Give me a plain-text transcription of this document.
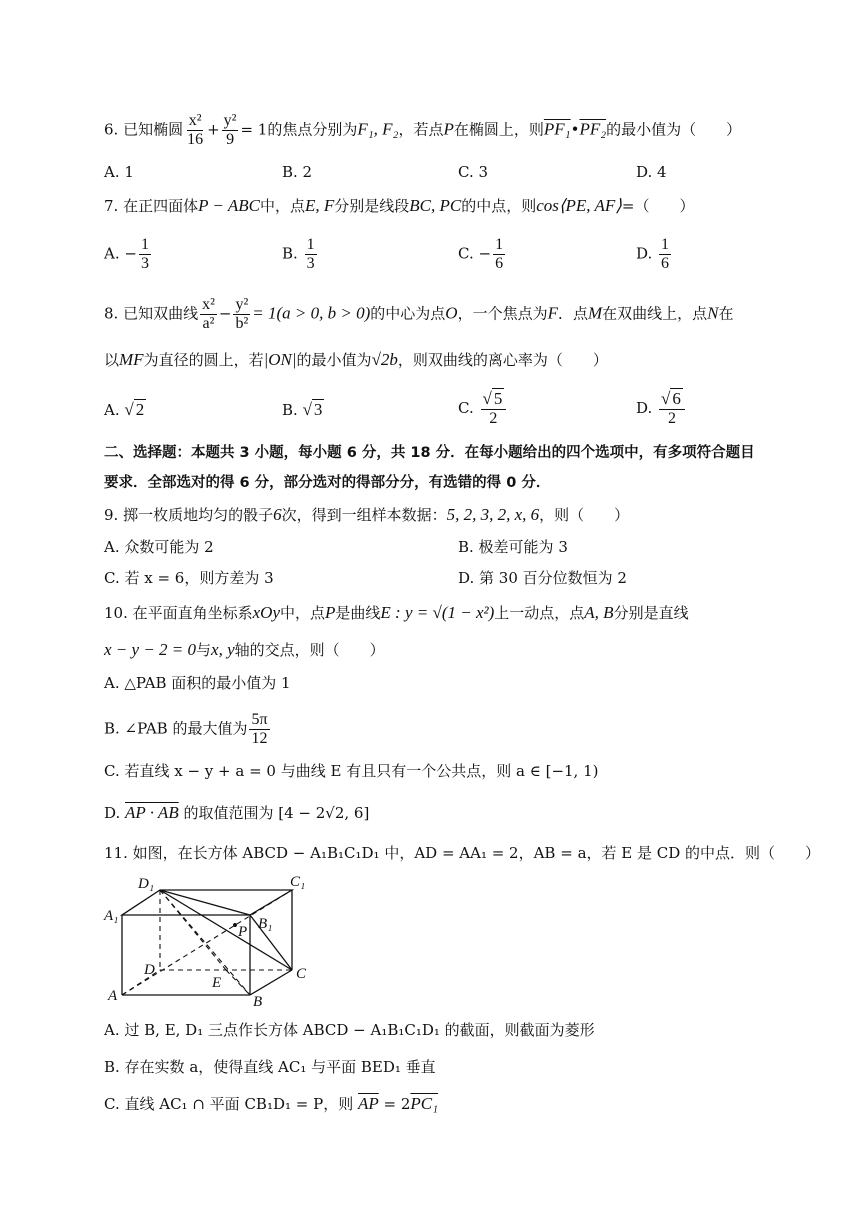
6. 已知椭圆 $\frac{\text{x²}}{16} + \frac{\text{y²}}{9} = 1$的焦点分别为F₁, F₂，若点P在椭圆上，则PF₁•PF₂的最小值为（　　）
A. 1	B. 2	C. 3	D. 4
7. 在正四面体P − ABC中，点E, F分别是线段BC, PC的中点，则cos⟨PE, AF⟩=（　　）
A. − $\frac{1}{3}$	B. $\frac{1}{3}$	C. − $\frac{1}{6}$	D. $\frac{1}{6}$
8. 已知双曲线 $\frac{\text{x²}}{\text{a²}} - \frac{\text{y²}}{\text{b²}} = 1(a > 0$, b > 0)的中心为点O，一个焦点为F．点M在双曲线上，点N在
以MF为直径的圆上，若|ON|的最小值为√2b，则双曲线的离心率为（　　）
A. √ 2	B. √ 3	C. $\frac{√ 5}{2}$	D. $\frac{√ 6}{2}$
二、选择题：本题共 3 小题，每小题 6 分，共 18 分．在每小题给出的四个选项中，有多项符合题目
要求．全部选对的得 6 分，部分选对的得部分分，有选错的得 0 分．
9. 掷一枚质地均匀的骰子6次，得到一组样本数据：5, 2, 3, 2, x, 6，则（　　）
A. 众数可能为 2	B. 极差可能为 3
C. 若 x = 6，则方差为 3	D. 第 30 百分位数恒为 2
10. 在平面直角坐标系xOy中，点P是曲线E : y = √(1 − x²)上一动点，点A, B分别是直线
x − y − 2 = 0与x, y轴的交点，则（　　）
A. △PAB 面积的最小值为 1
B. ∠PAB 的最大值为 $\frac{5\pi}{12}$
C. 若直线 x − y + a = 0 与曲线 E 有且只有一个公共点，则 a ∈ [−1, 1)
D. AP · AB 的取值范围为 [4 − 2√2, 6]
11. 如图，在长方体 ABCD − A₁B₁C₁D₁ 中，AD = AA₁ = 2，AB = a，若 E 是 CD 的中点．则（　　）
D₁	C₁
A₁	B₁
P
D	C
E
A	B
A. 过 B, E, D₁ 三点作长方体 ABCD − A₁B₁C₁D₁ 的截面，则截面为菱形
B. 存在实数 a，使得直线 AC₁ 与平面 BED₁ 垂直
C. 直线 AC₁ ∩ 平面 CB₁D₁ = P，则 $\overline{AP} = 2PC_1$
